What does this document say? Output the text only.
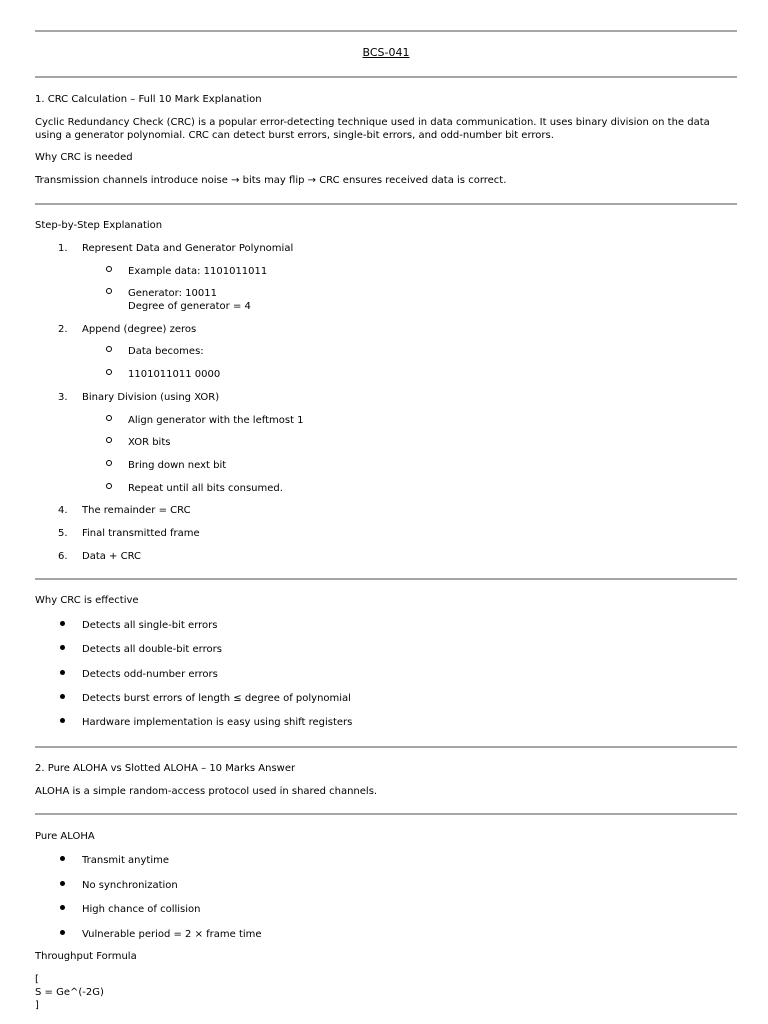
BCS-041
1. CRC Calculation – Full 10 Mark Explanation
Cyclic Redundancy Check (CRC) is a popular error-detecting technique used in data communication. It uses binary division on the data using a generator polynomial. CRC can detect burst errors, single-bit errors, and odd-number bit errors.
Why CRC is needed
Transmission channels introduce noise → bits may flip → CRC ensures received data is correct.
Step-by-Step Explanation
1. Represent Data and Generator Polynomial
Example data: 1101011011
Generator: 10011
Degree of generator = 4
2. Append (degree) zeros
Data becomes:
1101011011 0000
3. Binary Division (using XOR)
Align generator with the leftmost 1
XOR bits
Bring down next bit
Repeat until all bits consumed.
4. The remainder = CRC
5. Final transmitted frame
6. Data + CRC
Why CRC is effective
Detects all single-bit errors
Detects all double-bit errors
Detects odd-number errors
Detects burst errors of length ≤ degree of polynomial
Hardware implementation is easy using shift registers
2. Pure ALOHA vs Slotted ALOHA – 10 Marks Answer
ALOHA is a simple random-access protocol used in shared channels.
Pure ALOHA
Transmit anytime
No synchronization
High chance of collision
Vulnerable period = 2 × frame time
Throughput Formula
[
S = Ge^(-2G)
]
